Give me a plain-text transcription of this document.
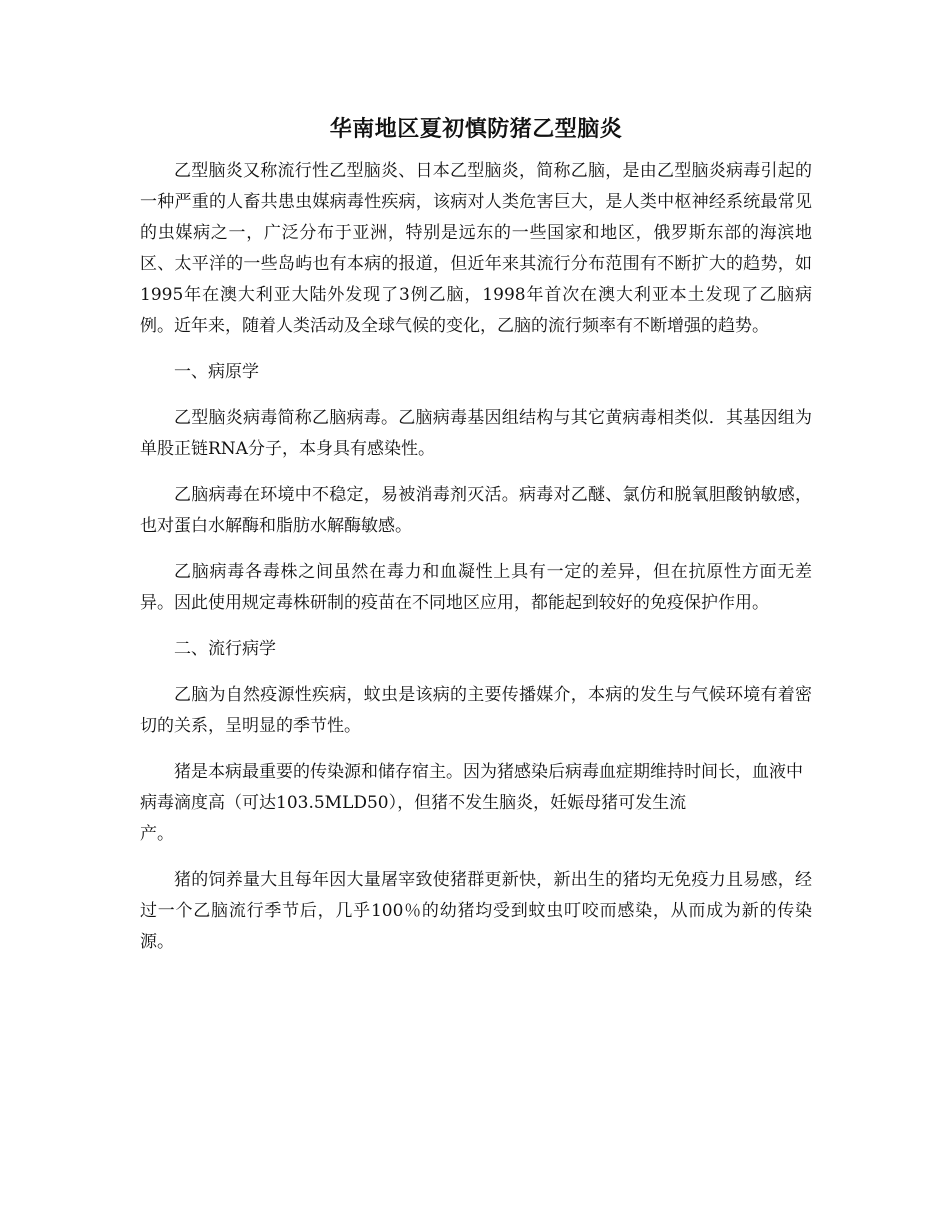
华南地区夏初慎防猪乙型脑炎

乙型脑炎又称流行性乙型脑炎、日本乙型脑炎，简称乙脑，是由乙型脑炎病毒引起的一种严重的人畜共患虫媒病毒性疾病，该病对人类危害巨大，是人类中枢神经系统最常见的虫媒病之一，广泛分布于亚洲，特别是远东的一些国家和地区，俄罗斯东部的海滨地区、太平洋的一些岛屿也有本病的报道，但近年来其流行分布范围有不断扩大的趋势，如1995年在澳大利亚大陆外发现了3例乙脑，1998年首次在澳大利亚本土发现了乙脑病例。近年来，随着人类活动及全球气候的变化，乙脑的流行频率有不断增强的趋势。

一、病原学

乙型脑炎病毒简称乙脑病毒。乙脑病毒基因组结构与其它黄病毒相类似．其基因组为单股正链RNA分子，本身具有感染性。

乙脑病毒在环境中不稳定，易被消毒剂灭活。病毒对乙醚、氯仿和脱氧胆酸钠敏感，也对蛋白水解酶和脂肪水解酶敏感。

乙脑病毒各毒株之间虽然在毒力和血凝性上具有一定的差异，但在抗原性方面无差异。因此使用规定毒株研制的疫苗在不同地区应用，都能起到较好的免疫保护作用。

二、流行病学

乙脑为自然疫源性疾病，蚊虫是该病的主要传播媒介，本病的发生与气候环境有着密切的关系，呈明显的季节性。

猪是本病最重要的传染源和储存宿主。因为猪感染后病毒血症期维持时间长，血液中病毒滴度高（可达103.5MLD50），但猪不发生脑炎，妊娠母猪可发生流
产。

猪的饲养量大且每年因大量屠宰致使猪群更新快，新出生的猪均无免疫力且易感，经过一个乙脑流行季节后，几乎100％的幼猪均受到蚊虫叮咬而感染，从而成为新的传染源。
